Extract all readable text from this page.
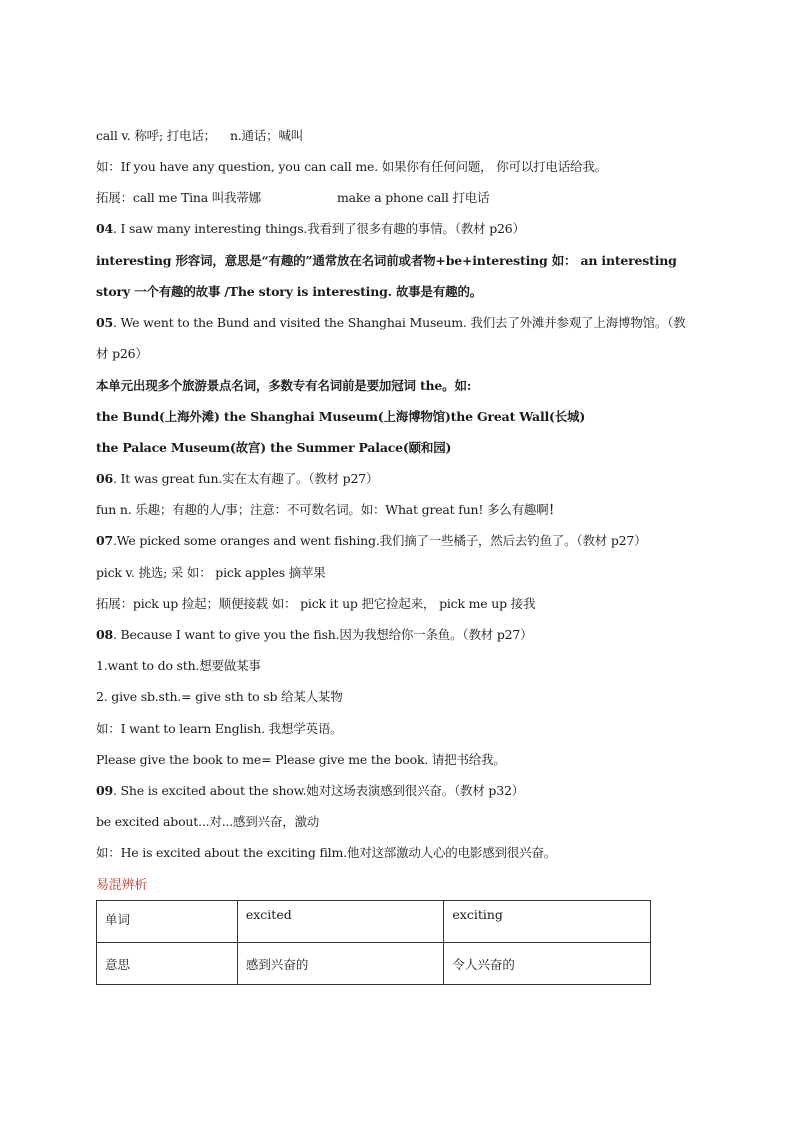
call v. 称呼; 打电话； n.通话；喊叫
如：If you have any question, you can call me. 如果你有任何问题， 你可以打电话给我。
拓展：call me Tina 叫我蒂娜	make a phone call 打电话
04. I saw many interesting things.我看到了很多有趣的事情。（教材 p26）
interesting 形容词，意思是“有趣的”通常放在名词前或者物+be+interesting 如： an interesting
story 一个有趣的故事 /The story is interesting. 故事是有趣的。
05. We went to the Bund and visited the Shanghai Museum. 我们去了外滩并参观了上海博物馆。（教
材 p26）
本单元出现多个旅游景点名词，多数专有名词前是要加冠词 the。如:
the Bund(上海外滩) the Shanghai Museum(上海博物馆)the Great Wall(长城)
the Palace Museum(故宫) the Summer Palace(颐和园)
06. It was great fun.实在太有趣了。（教材 p27）
fun n. 乐趣；有趣的人/事；注意：不可数名词。如：What great fun! 多么有趣啊！
07.We picked some oranges and went fishing.我们摘了一些橘子，然后去钓鱼了。（教材 p27）
pick v. 挑选; 采 如： pick apples 摘苹果
拓展：pick up 捡起；顺便接载 如： pick it up 把它捡起来， pick me up 接我
08. Because I want to give you the fish.因为我想给你一条鱼。（教材 p27）
1.want to do sth.想要做某事
2. give sb.sth.= give sth to sb 给某人某物
如：I want to learn English. 我想学英语。
Please give the book to me= Please give me the book. 请把书给我。
09. She is excited about the show.她对这场表演感到很兴奋。（教材 p32）
be excited about...对...感到兴奋，激动
如：He is excited about the exciting film.他对这部激动人心的电影感到很兴奋。
易混辨析
单词	excited	exciting

意思	感到兴奋的	令人兴奋的
